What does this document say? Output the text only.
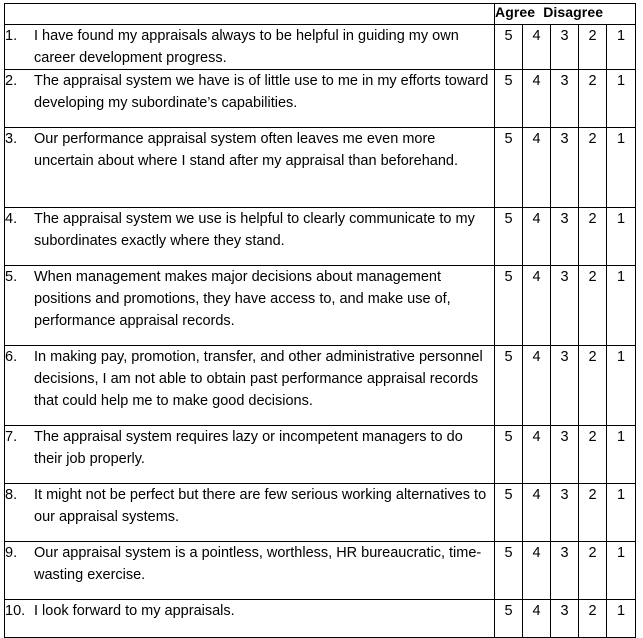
	Agree Disagree				

1. I have found my appraisals always to be helpful in guiding my own career development progress.	5	4	3	2	1

2. The appraisal system we have is of little use to me in my efforts toward developing my subordinate’s capabilities.	5	4	3	2	1

3. Our performance appraisal system often leaves me even more uncertain about where I stand after my appraisal than beforehand.	5	4	3	2	1

4. The appraisal system we use is helpful to clearly communicate to my subordinates exactly where they stand.	5	4	3	2	1

5. When management makes major decisions about management positions and promotions, they have access to, and make use of, performance appraisal records.	5	4	3	2	1

6. In making pay, promotion, transfer, and other administrative personnel decisions, I am not able to obtain past performance appraisal records that could help me to make good decisions.	5	4	3	2	1

7. The appraisal system requires lazy or incompetent managers to do their job properly.	5	4	3	2	1

8. It might not be perfect but there are few serious working alternatives to our appraisal systems.	5	4	3	2	1

9. Our appraisal system is a pointless, worthless, HR bureaucratic, time-wasting exercise.	5	4	3	2	1

10. I look forward to my appraisals.	5	4	3	2	1
